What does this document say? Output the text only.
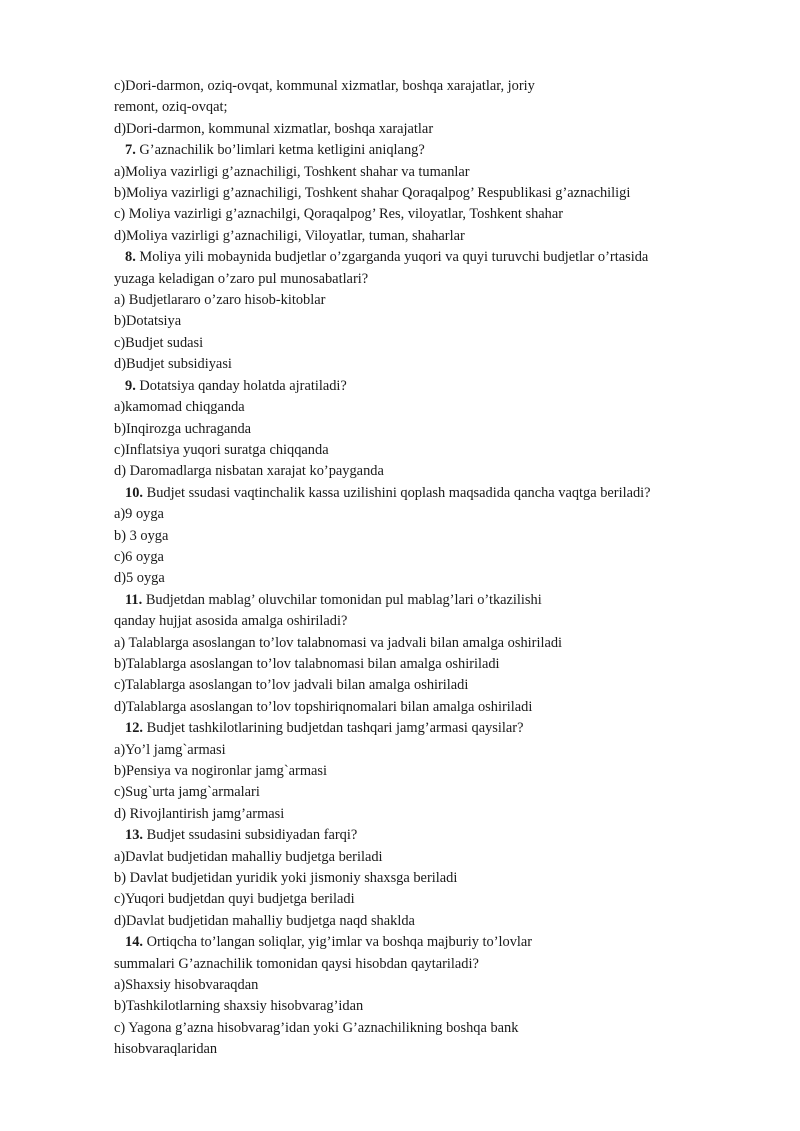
c)Dori-darmon, oziq-ovqat, kommunal xizmatlar, boshqa xarajatlar, joriy
remont, oziq-ovqat;
d)Dori-darmon, kommunal xizmatlar, boshqa xarajatlar
7. G’aznachilik bo’limlari ketma ketligini aniqlang?
a)Moliya vazirligi g’aznachiligi, Toshkent shahar va tumanlar
b)Moliya vazirligi g’aznachiligi, Toshkent shahar Qoraqalpog’ Respublikasi g’aznachiligi
c) Moliya vazirligi g’aznachilgi, Qoraqalpog’ Res, viloyatlar, Toshkent shahar
d)Moliya vazirligi g’aznachiligi, Viloyatlar, tuman, shaharlar
8. Moliya yili mobaynida budjetlar o’zgarganda yuqori va quyi turuvchi budjetlar o’rtasida
yuzaga keladigan o’zaro pul munosabatlari?
a) Budjetlararo o’zaro hisob-kitoblar
b)Dotatsiya
c)Budjet sudasi
d)Budjet subsidiyasi
9. Dotatsiya qanday holatda ajratiladi?
a)kamomad chiqganda
b)Inqirozga uchraganda
c)Inflatsiya yuqori suratga chiqqanda
d) Daromadlarga nisbatan xarajat ko’payganda
10. Budjet ssudasi vaqtinchalik kassa uzilishini qoplash maqsadida qancha vaqtga beriladi?
a)9 oyga
b) 3 oyga
c)6 oyga
d)5 oyga
11. Budjetdan mablag’ oluvchilar tomonidan pul mablag’lari o’tkazilishi
qanday hujjat asosida amalga oshiriladi?
a) Talablarga asoslangan to’lov talabnomasi va jadvali bilan amalga oshiriladi
b)Talablarga asoslangan to’lov talabnomasi bilan amalga oshiriladi
c)Talablarga asoslangan to’lov jadvali bilan amalga oshiriladi
d)Talablarga asoslangan to’lov topshiriqnomalari bilan amalga oshiriladi
12. Budjet tashkilotlarining budjetdan tashqari jamg’armasi qaysilar?
a)Yo’l jamg`armasi
b)Pensiya va nogironlar jamg`armasi
c)Sug`urta jamg`armalari
d) Rivojlantirish jamg’armasi
13. Budjet ssudasini subsidiyadan farqi?
a)Davlat budjetidan mahalliy budjetga beriladi
b) Davlat budjetidan yuridik yoki jismoniy shaxsga beriladi
c)Yuqori budjetdan quyi budjetga beriladi
d)Davlat budjetidan mahalliy budjetga naqd shaklda
14. Ortiqcha to’langan soliqlar, yig’imlar va boshqa majburiy to’lovlar
summalari G’aznachilik tomonidan qaysi hisobdan qaytariladi?
a)Shaxsiy hisobvaraqdan
b)Tashkilotlarning shaxsiy hisobvarag’idan
c) Yagona g’azna hisobvarag’idan yoki G’aznachilikning boshqa bank
hisobvaraqlaridan
